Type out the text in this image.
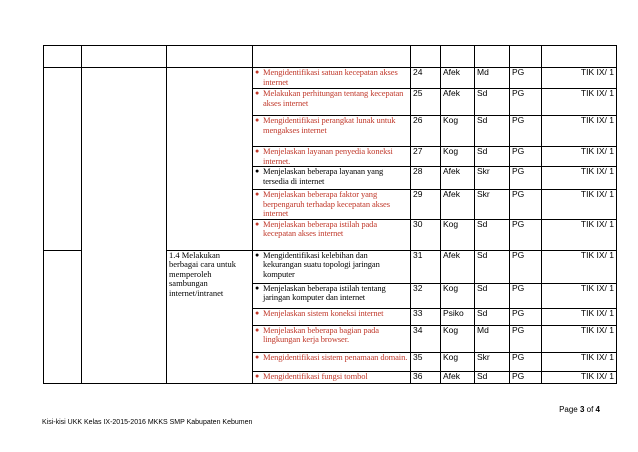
			● Mengidentifikasi satuan kecepatan akses internet	24	Afek	Md	PG	TIK IX/ 1

			● Melakukan perhitungan tentang kecepatan akses internet	25	Afek	Sd	PG	TIK IX/ 1

			● Mengidentifikasi perangkat lunak untuk mengakses internet	26	Kog	Sd	PG	TIK IX/ 1

			● Menjelaskan layanan penyedia koneksi internet.	27	Kog	Sd	PG	TIK IX/ 1

			● Menjelaskan beberapa layanan yang tersedia di internet	28	Afek	Skr	PG	TIK IX/ 1

			● Menjelaskan beberapa faktor yang berpengaruh terhadap kecepatan akses internet	29	Afek	Skr	PG	TIK IX/ 1

			● Menjelaskan beberapa istilah pada kecepatan akses internet	30	Kog	Sd	PG	TIK IX/ 1
		1.4 Melakukan berbagai cara untuk memperoleh sambungan internet/intranet	● Mengidentifikasi kelebihan dan kekurangan suatu topologi jaringan komputer	31	Afek	Sd	PG	TIK IX/ 1

			● Menjelaskan beberapa istilah tentang jaringan komputer dan internet	32	Kog	Sd	PG	TIK IX/ 1

			● Menjelaskan sistem koneksi internet	33	Psiko	Sd	PG	TIK IX/ 1

			● Menjelaskan beberapa bagian pada lingkungan kerja browser.	34	Kog	Md	PG	TIK IX/ 1

			● Mengidentifikasi sistem penamaan domain.	35	Kog	Skr	PG	TIK IX/ 1

			● Mengidentifikasi fungsi tombol	36	Afek	Sd	PG	TIK IX/ 1
Page 3 of 4
Kisi-kisi UKK Kelas IX-2015-2016 MKKS SMP Kabupaten Kebumen
